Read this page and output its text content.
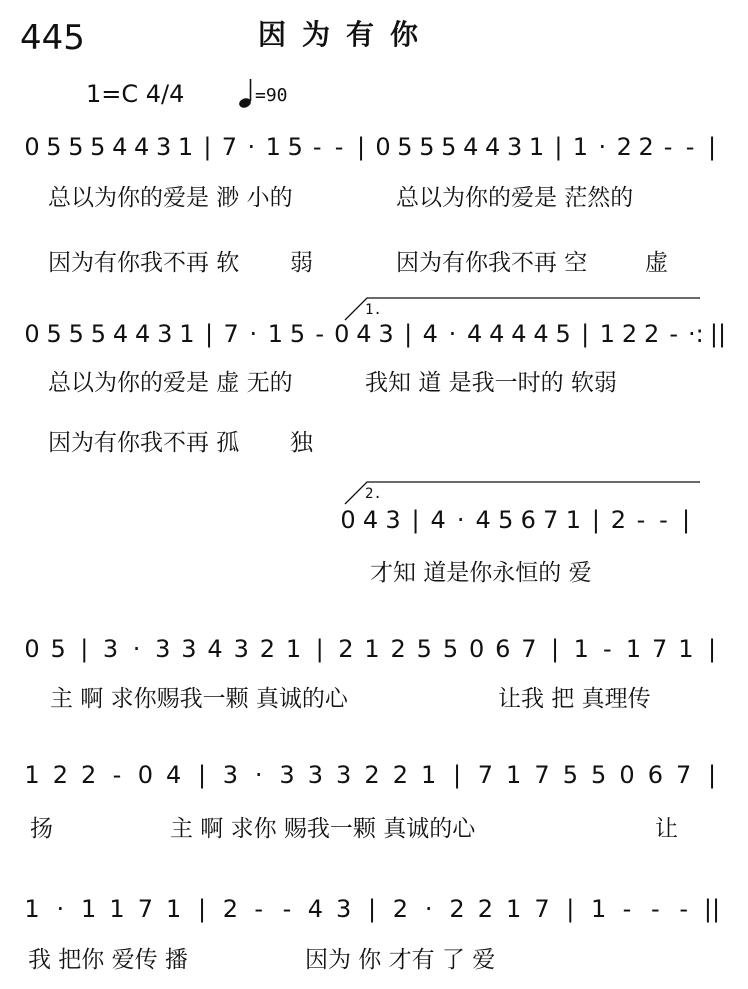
445	因为有你
1=C 4/4	=90
0 5 5 5 4 4 3 1 | 7 · 1 5 - - | 0 5 5 5 4 4 3 1 | 1 · 2 2 - - |
总以为你的爱是 渺 小的	总以为你的爱是 茫然的
因为有你我不再 软 弱	因为有你我不再 空	虚
0 5 5 5 4 4 3 1 | 7 · 1 5 - 0 4 3 | 4 · 4 4 4 4 5 | 1 2 2 - ·: ||
1.
总以为你的爱是 虚 无的	我知 道 是我一时的 软弱
因为有你我不再 孤 独
0 4 3 | 4 · 4 5 6 7 1 | 2 - - |
2.
才知 道是你永恒的 爱
0 5 | 3 · 3 3 4 3 2 1 | 2 1 2 5 5 0 6 7 | 1 - 1 7 1 |
主 啊 求你赐我一颗 真诚的心	让我 把 真理传
1 2 2 - 0 4 | 3 · 3 3 3 2 2 1 | 7 1 7 5 5 0 6 7 |
扬	主 啊 求你 赐我一颗 真诚的心	让
1 · 1 1 7 1 | 2 - - 4 3 | 2 · 2 2 1 7 | 1 - - - ||
我 把你 爱传 播	因为 你 才有 了 爱
